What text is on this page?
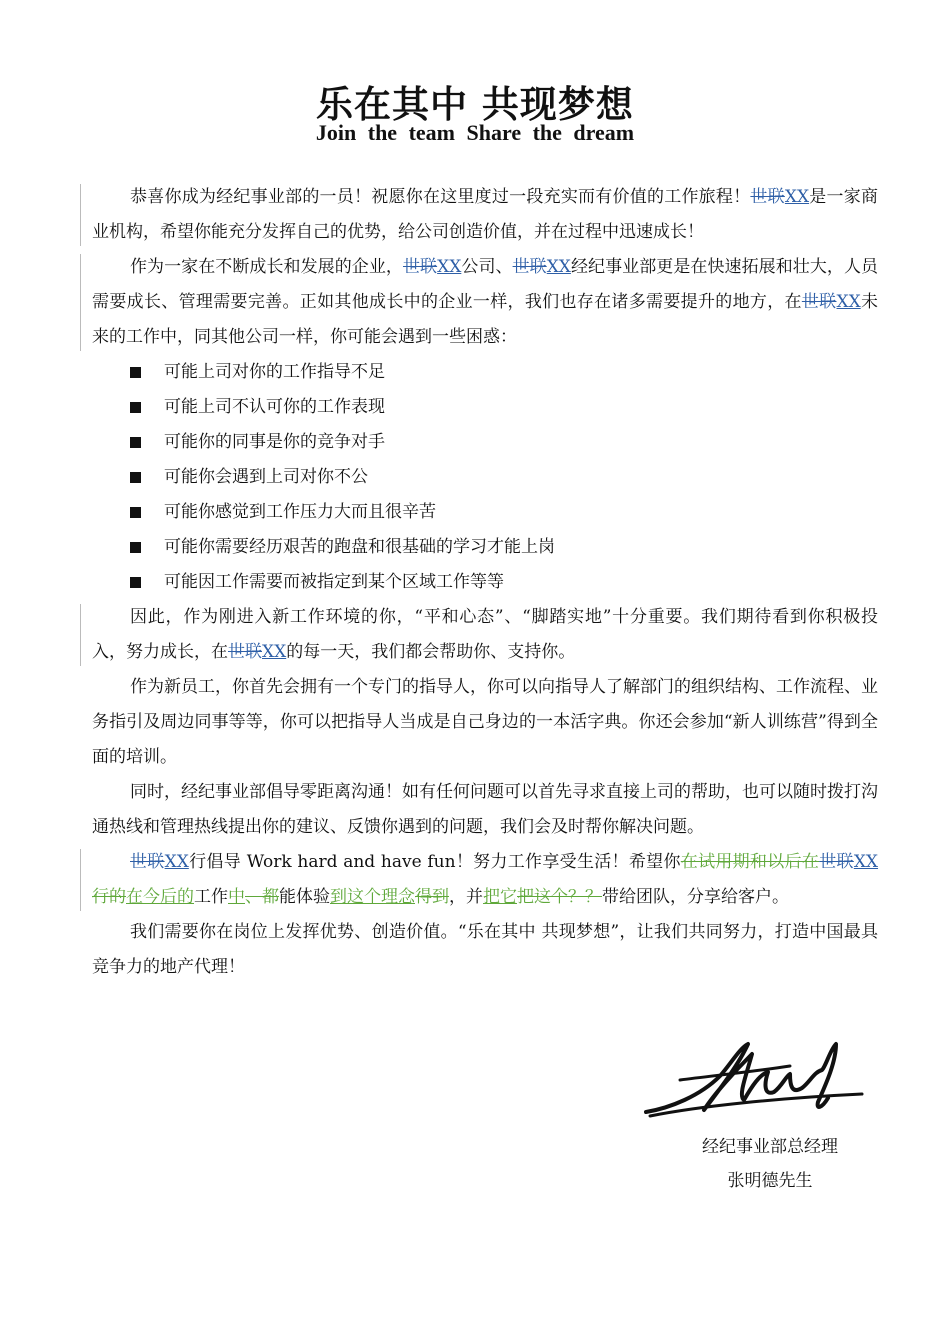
乐在其中 共现梦想
Join the team Share the dream

恭喜你成为经纪事业部的一员！祝愿你在这里度过一段充实而有价值的工作旅程！世联XX是一家商业机构，希望你能充分发挥自己的优势，给公司创造价值，并在过程中迅速成长！

作为一家在不断成长和发展的企业，世联XX公司、世联XX经纪事业部更是在快速拓展和壮大，人员需要成长、管理需要完善。正如其他成长中的企业一样，我们也存在诸多需要提升的地方，在世联XX未来的工作中，同其他公司一样，你可能会遇到一些困惑：

可能上司对你的工作指导不足
可能上司不认可你的工作表现
可能你的同事是你的竞争对手
可能你会遇到上司对你不公
可能你感觉到工作压力大而且很辛苦
可能你需要经历艰苦的跑盘和很基础的学习才能上岗
可能因工作需要而被指定到某个区域工作等等

因此，作为刚进入新工作环境的你，“平和心态”、“脚踏实地”十分重要。我们期待看到你积极投入，努力成长，在世联XX的每一天，我们都会帮助你、支持你。

作为新员工，你首先会拥有一个专门的指导人，你可以向指导人了解部门的组织结构、工作流程、业务指引及周边同事等等，你可以把指导人当成是自己身边的一本活字典。你还会参加“新人训练营”得到全面的培训。

同时，经纪事业部倡导零距离沟通！如有任何问题可以首先寻求直接上司的帮助，也可以随时拨打沟通热线和管理热线提出你的建议、反馈你遇到的问题，我们会及时帮你解决问题。

世联XX行倡导 Work hard and have fun！努力工作享受生活！希望你在试用期和以后在世联XX行的在今后的工作中、都能体验到这个理念得到，并把它把这个？？带给团队，分享给客户。

我们需要你在岗位上发挥优势、创造价值。“乐在其中 共现梦想”，让我们共同努力，打造中国最具竞争力的地产代理！

经纪事业部总经理
张明德先生
